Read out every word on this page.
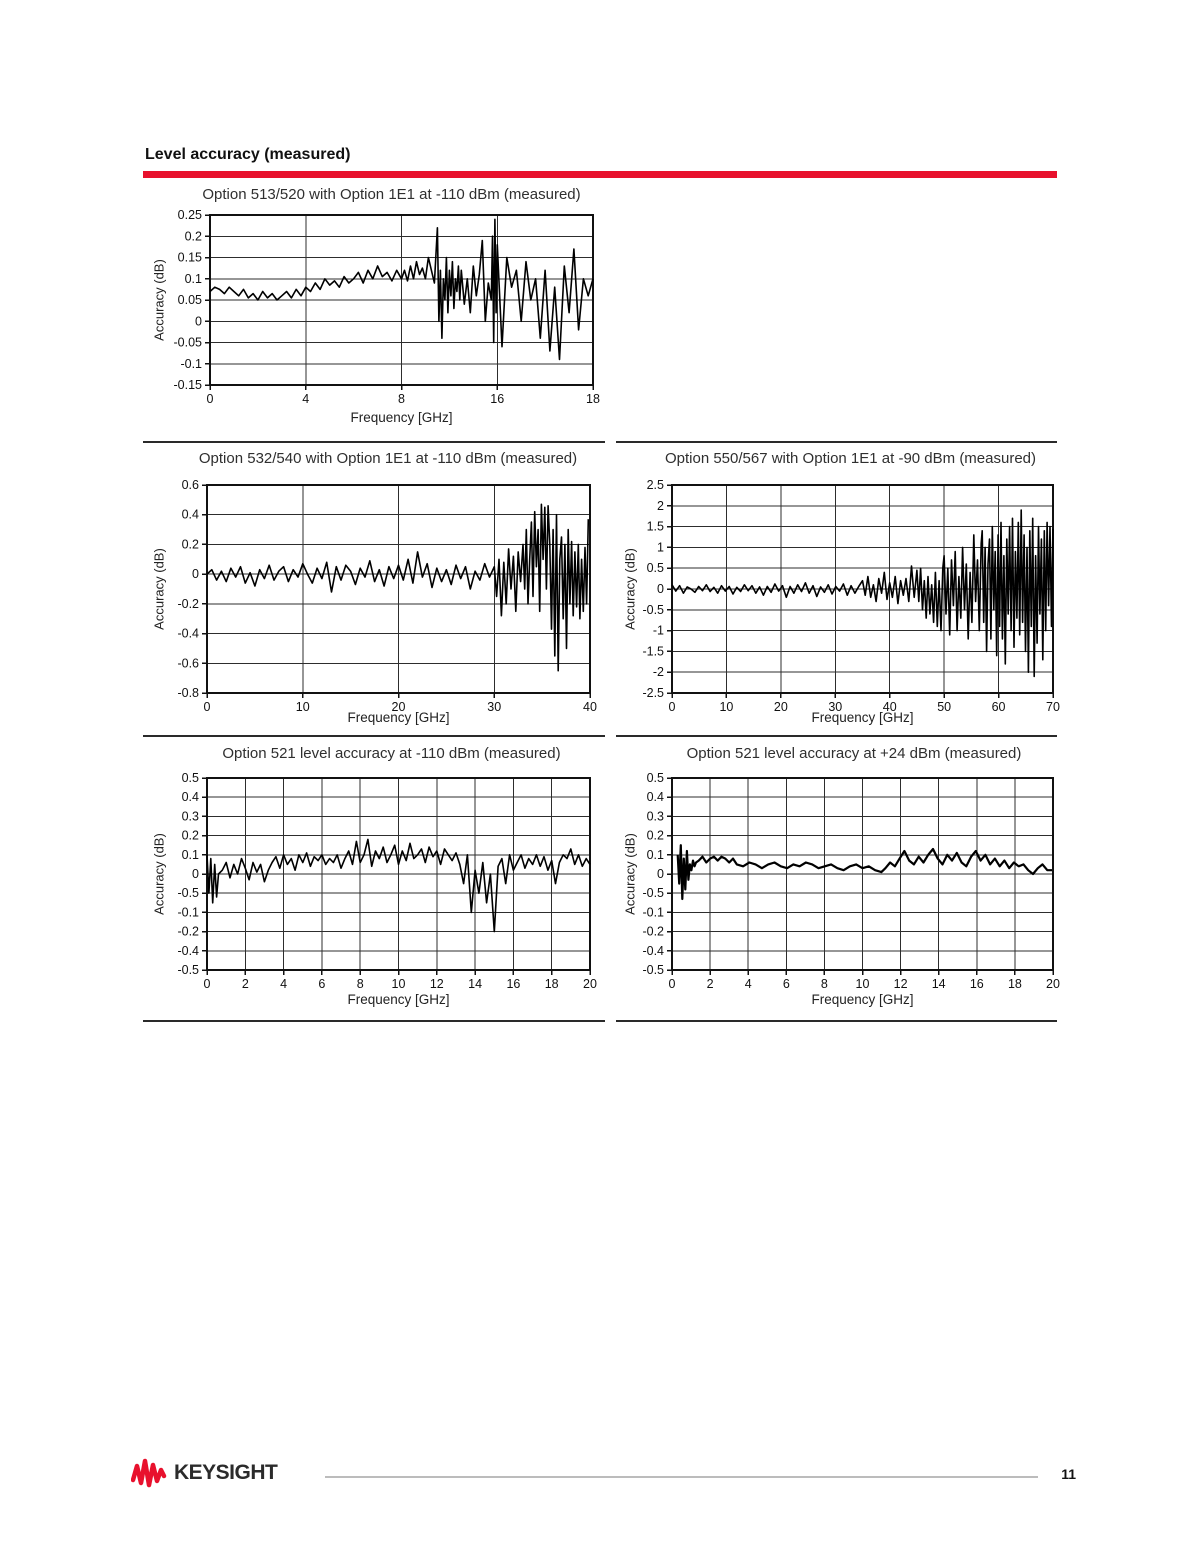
Level accuracy (measured)
Option 513/520 with Option 1E1 at -110 dBm (measured)
Accuracy (dB)
0.25
0.2
0.15
0.1
0.05
0
-0.05
-0.1
-0.15
0	4	8	16	18
Frequency [GHz]
Option 532/540 with Option 1E1 at -110 dBm (measured)
Accuracy (dB)
0.6
0.4
0.2
0
-0.2
-0.4
-0.6
-0.8
0	10	20	30	40
Frequency [GHz]
Option 550/567 with Option 1E1 at -90 dBm (measured)
Accuracy (dB)
2.5
2
1.5
1
0.5
0
-0.5
-1
-1.5
-2
-2.5
0	10	20	30	40	50	60	70
Frequency [GHz]
Option 521 level accuracy at -110 dBm (measured)
Accuracy (dB)
0.5
0.4
0.3
0.2
0.1
0
-0.5
-0.1
-0.2
-0.4
-0.5
0	2	4	6	8 10 12 14 16 18 20
Frequency [GHz]
Option 521 level accuracy at +24 dBm (measured)
Accuracy (dB)
0.5
0.4
0.3
0.2
0.1
0
-0.5
-0.1
-0.2
-0.4
-0.5
0 2 4 6 8 10 12 14 16 18 20
Frequency [GHz]
KEYSIGHT	11
